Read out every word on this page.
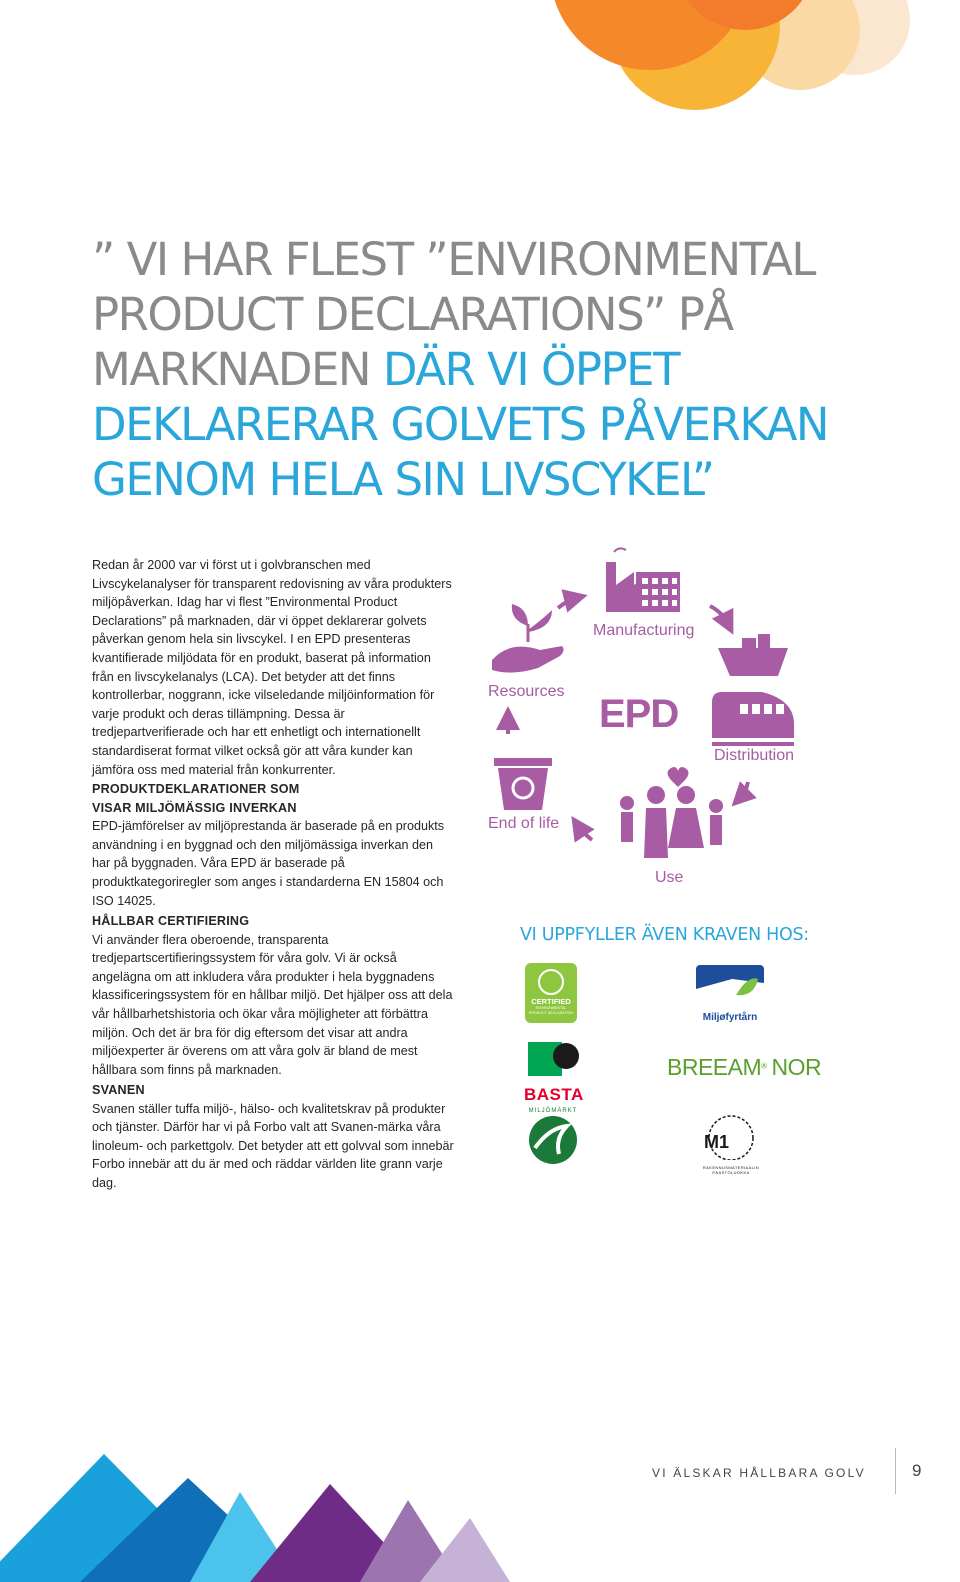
” VI HAR FLEST ”ENVIRONMENTAL PRODUCT DECLARATIONS” PÅ MARKNADEN DÄR VI ÖPPET DEKLARERAR GOLVETS PÅVERKAN GENOM HELA SIN LIVSCYKEL”

Redan år 2000 var vi först ut i golvbranschen med Livscykelanalyser för transparent redovisning av våra produkters miljöpåverkan. Idag har vi flest ”Environmental Product Declarations” på marknaden, där vi öppet deklarerar golvets påverkan genom hela sin livscykel. I en EPD presenteras kvantifierade miljödata för en produkt, baserat på information från en livscykelanalys (LCA). Det betyder att det finns kontrollerbar, noggrann, icke vilseledande miljöinformation för varje produkt och deras tillämpning. Dessa är tredjepartverifierade och har ett enhetligt och internationellt standardiserat format vilket också gör att våra kunder kan jämföra oss med material från konkurrenter.

PRODUKTDEKLARATIONER SOM
VISAR MILJÖMÄSSIG INVERKAN

EPD-jämförelser av miljöprestanda är baserade på en produkts användning i en byggnad och den miljömässiga inverkan den har på byggnaden. Våra EPD är baserade på produktkategoriregler som anges i standarderna EN 15804 och ISO 14025.

HÅLLBAR CERTIFIERING

Vi använder flera oberoende, transparenta tredjepartscertifieringssystem för våra golv. Vi är också angelägna om att inkludera våra produkter i hela byggnadens klassificeringssystem för en hållbar miljö. Det hjälper oss att dela vår hållbarhetshistoria och ökar våra möjligheter att förbättra miljön. Och det är bra för dig eftersom det visar att andra miljöexperter är överens om att våra golv är bland de mest hållbara som finns på marknaden.

SVANEN

Svanen ställer tuffa miljö-, hälso- och kvalitetskrav på produkter och tjänster. Därför har vi på Forbo valt att Svanen-märka våra linoleum- och parkettgolv. Det betyder att ett golvval som innebär Forbo innebär att du är med och räddar världen lite grann varje dag.

Manufacturing
Resources
Distribution
End of life
Use
EPD
VI UPPFYLLER ÄVEN KRAVEN HOS:
CERTIFIED
ENVIRONMENTAL
PRODUCT DECLARATION	Miljøfyrtårn
BASTA
BREEAM® NOR
MILJÖMÄRKT
M1
RAKENNUSMATERIAALIN PÄÄSTÖLUOKKA
VI ÄLSKAR HÅLLBARA GOLV	9
